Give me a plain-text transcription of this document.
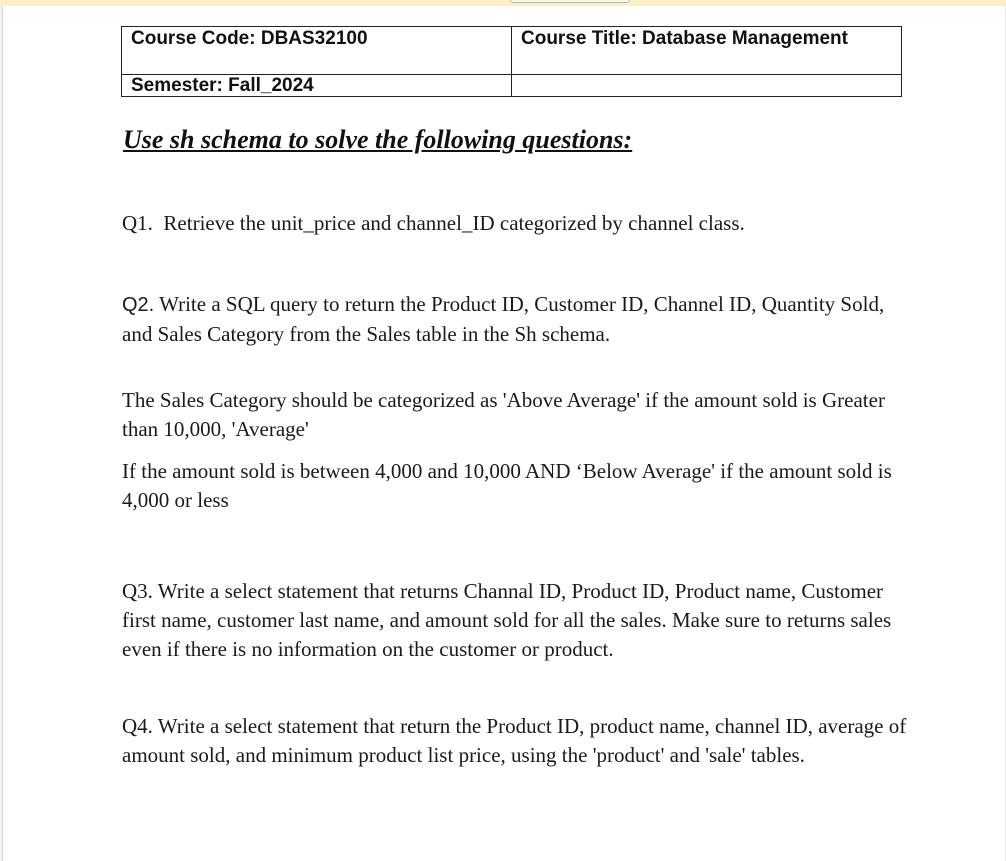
Course Code: DBAS32100	Course Title: Database Management
Semester: Fall_2024	
Use sh schema to solve the following questions:

Q1. Retrieve the unit_price and channel_ID categorized by channel class.

Q2. Write a SQL query to return the Product ID, Customer ID, Channel ID, Quantity Sold, and Sales Category from the Sales table in the Sh schema.

The Sales Category should be categorized as 'Above Average' if the amount sold is Greater than 10,000, 'Average'

If the amount sold is between 4,000 and 10,000 AND ‘Below Average' if the amount sold is 4,000 or less

Q3. Write a select statement that returns Channal ID, Product ID, Product name, Customer first name, customer last name, and amount sold for all the sales. Make sure to returns sales even if there is no information on the customer or product.

Q4. Write a select statement that return the Product ID, product name, channel ID, average of amount sold, and minimum product list price, using the 'product' and 'sale' tables.
